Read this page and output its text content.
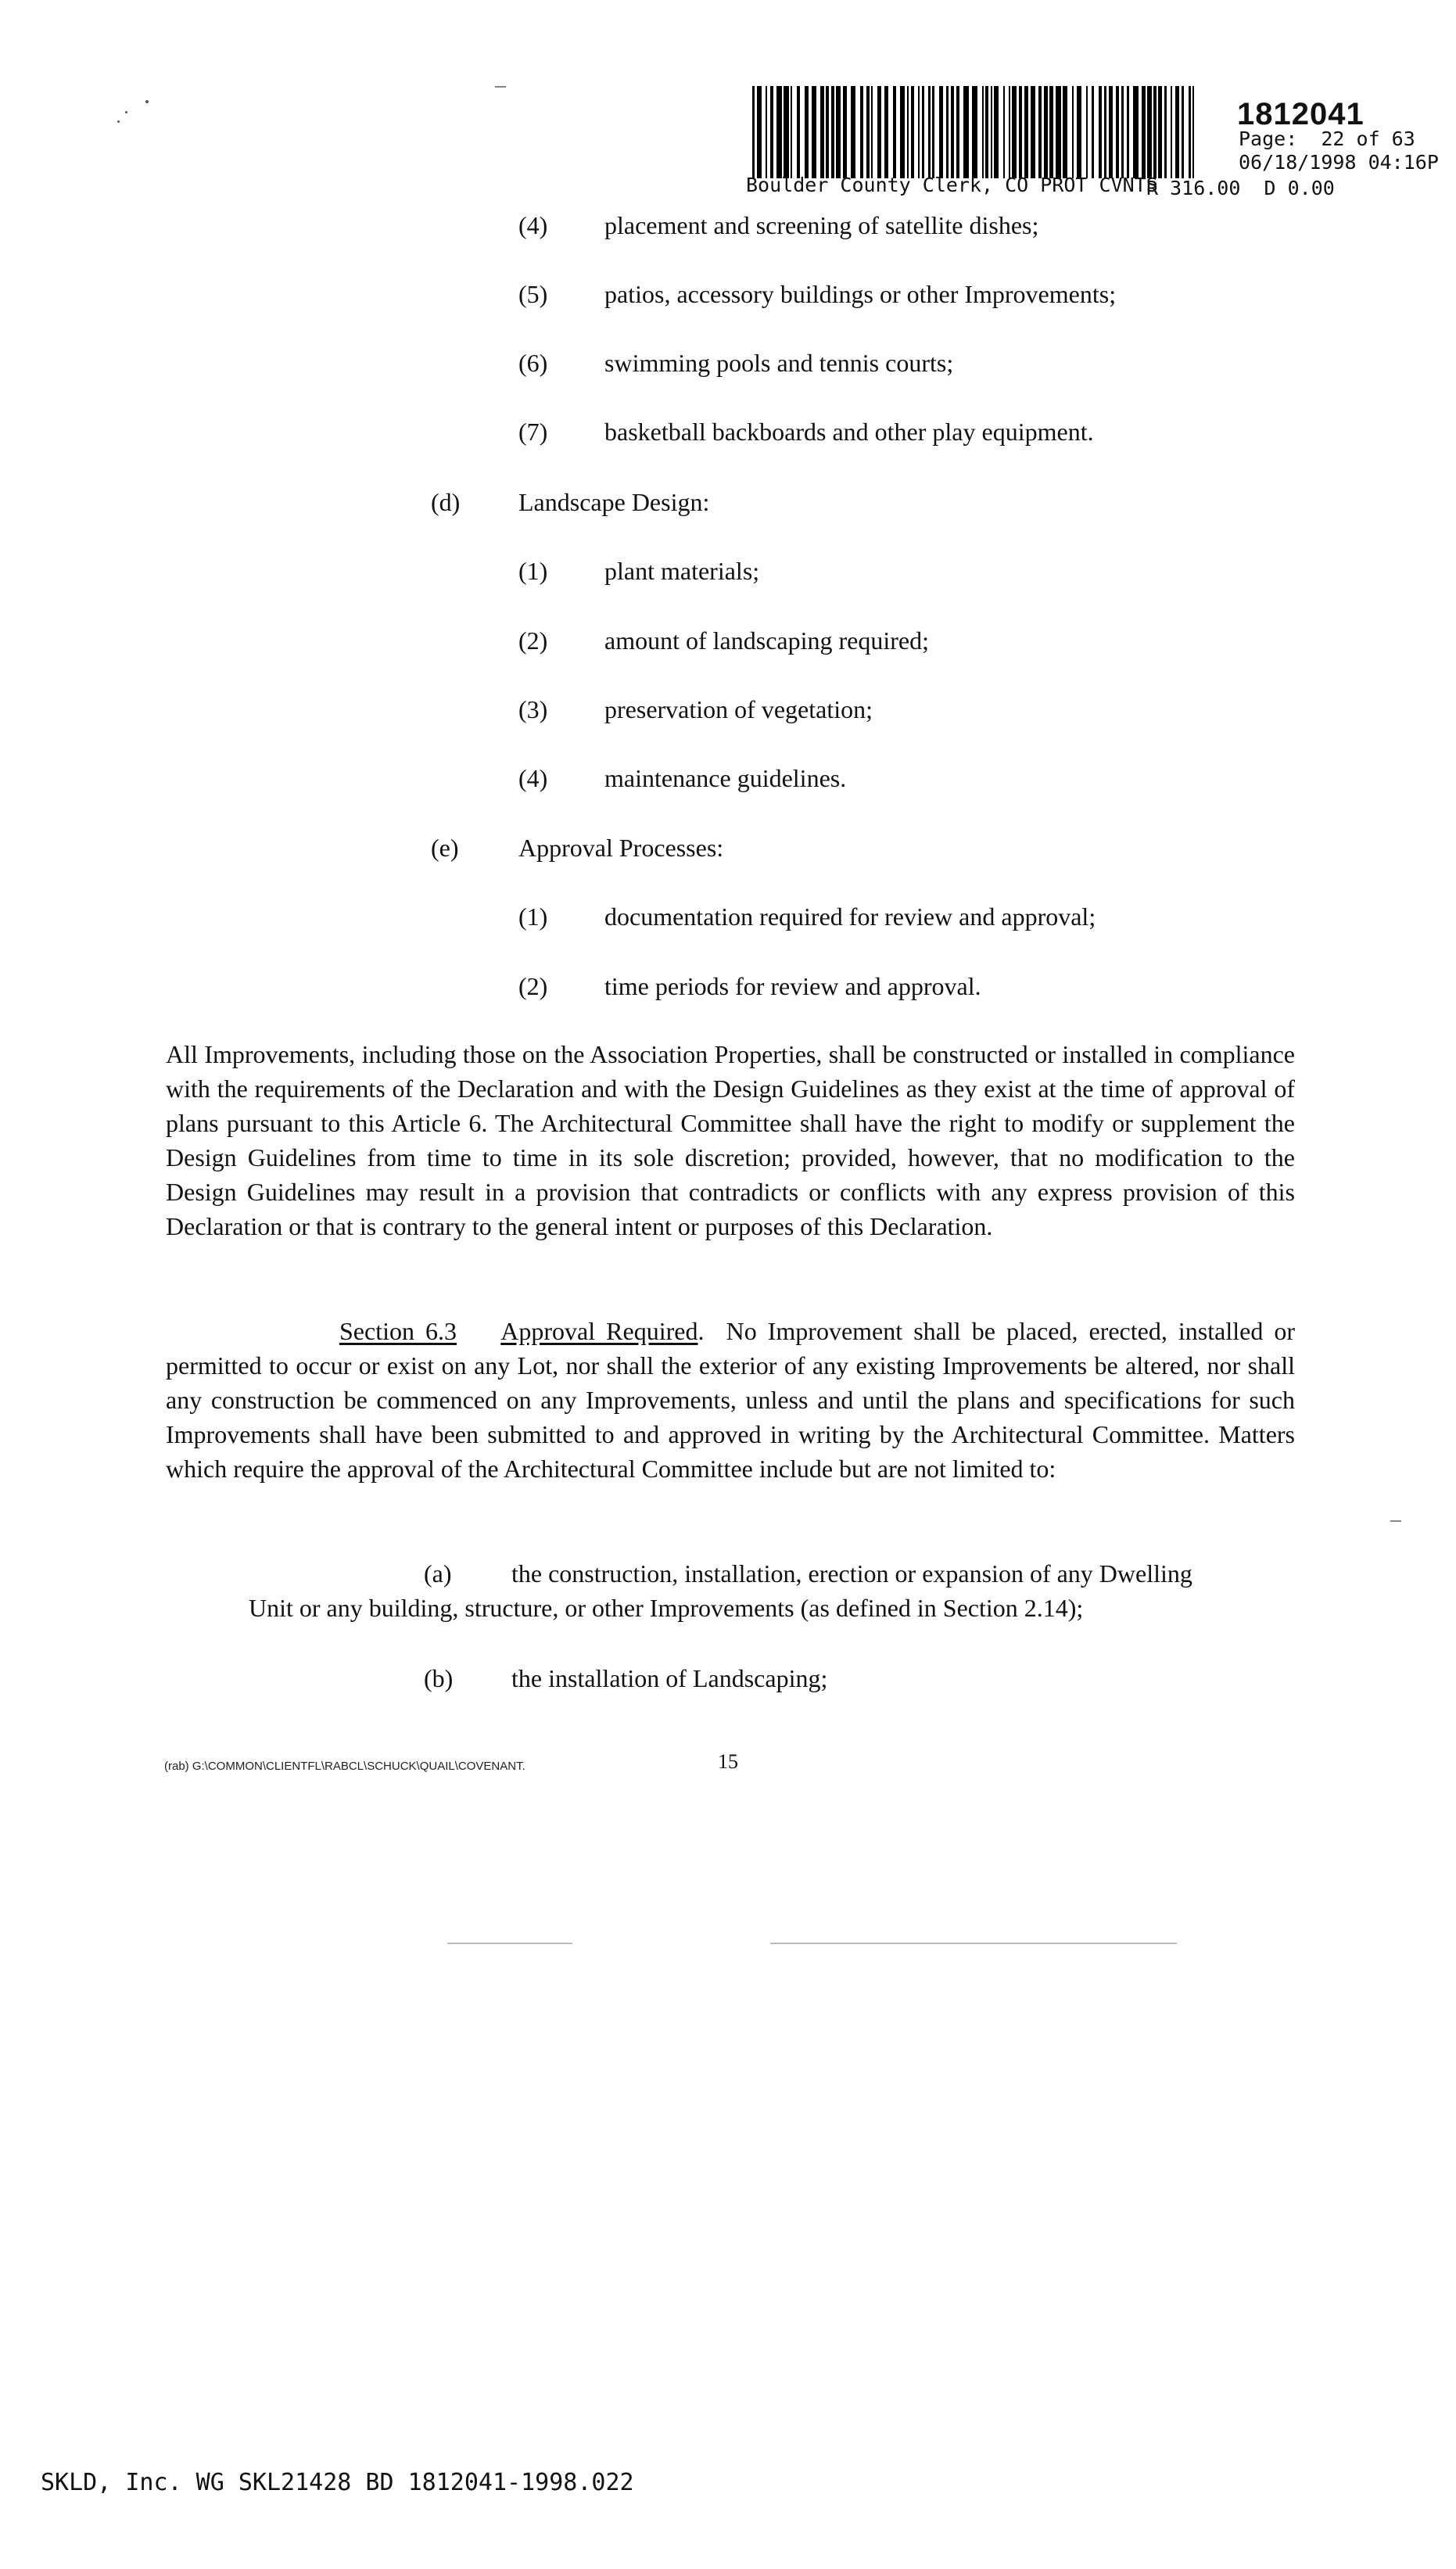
1812041
Page:  22 of 63
06/18/1998 04:16P
Boulder County Clerk, CO PROT CVNTS
R 316.00  D 0.00
(4) placement and screening of satellite dishes;
(5) patios, accessory buildings or other Improvements;
(6) swimming pools and tennis courts;
(7) basketball backboards and other play equipment.
(d) Landscape Design:
(1) plant materials;
(2) amount of landscaping required;
(3) preservation of vegetation;
(4) maintenance guidelines.
(e) Approval Processes:
(1) documentation required for review and approval;
(2) time periods for review and approval.

All Improvements, including those on the Association Properties, shall be constructed or installed in compliance with the requirements of the Declaration and with the Design Guidelines as they exist at the time of approval of plans pursuant to this Article 6. The Architectural Committee shall have the right to modify or supplement the Design Guidelines from time to time in its sole discretion; provided, however, that no modification to the Design Guidelines may result in a provision that contradicts or conflicts with any express provision of this Declaration or that is contrary to the general intent or purposes of this Declaration.

Section 6.3 Approval Required. No Improvement shall be placed, erected, installed or permitted to occur or exist on any Lot, nor shall the exterior of any existing Improvements be altered, nor shall any construction be commenced on any Improvements, unless and until the plans and specifications for such Improvements shall have been submitted to and approved in writing by the Architectural Committee. Matters which require the approval of the Architectural Committee include but are not limited to:

(a) the construction, installation, erection or expansion of any Dwelling
Unit or any building, structure, or other Improvements (as defined in Section 2.14);
(b) the installation of Landscaping;
(rab) G:\COMMON\CLIENTFL\RABCL\SCHUCK\QUAIL\COVENANT.	15
SKLD, Inc. WG SKL21428 BD 1812041-1998.022
